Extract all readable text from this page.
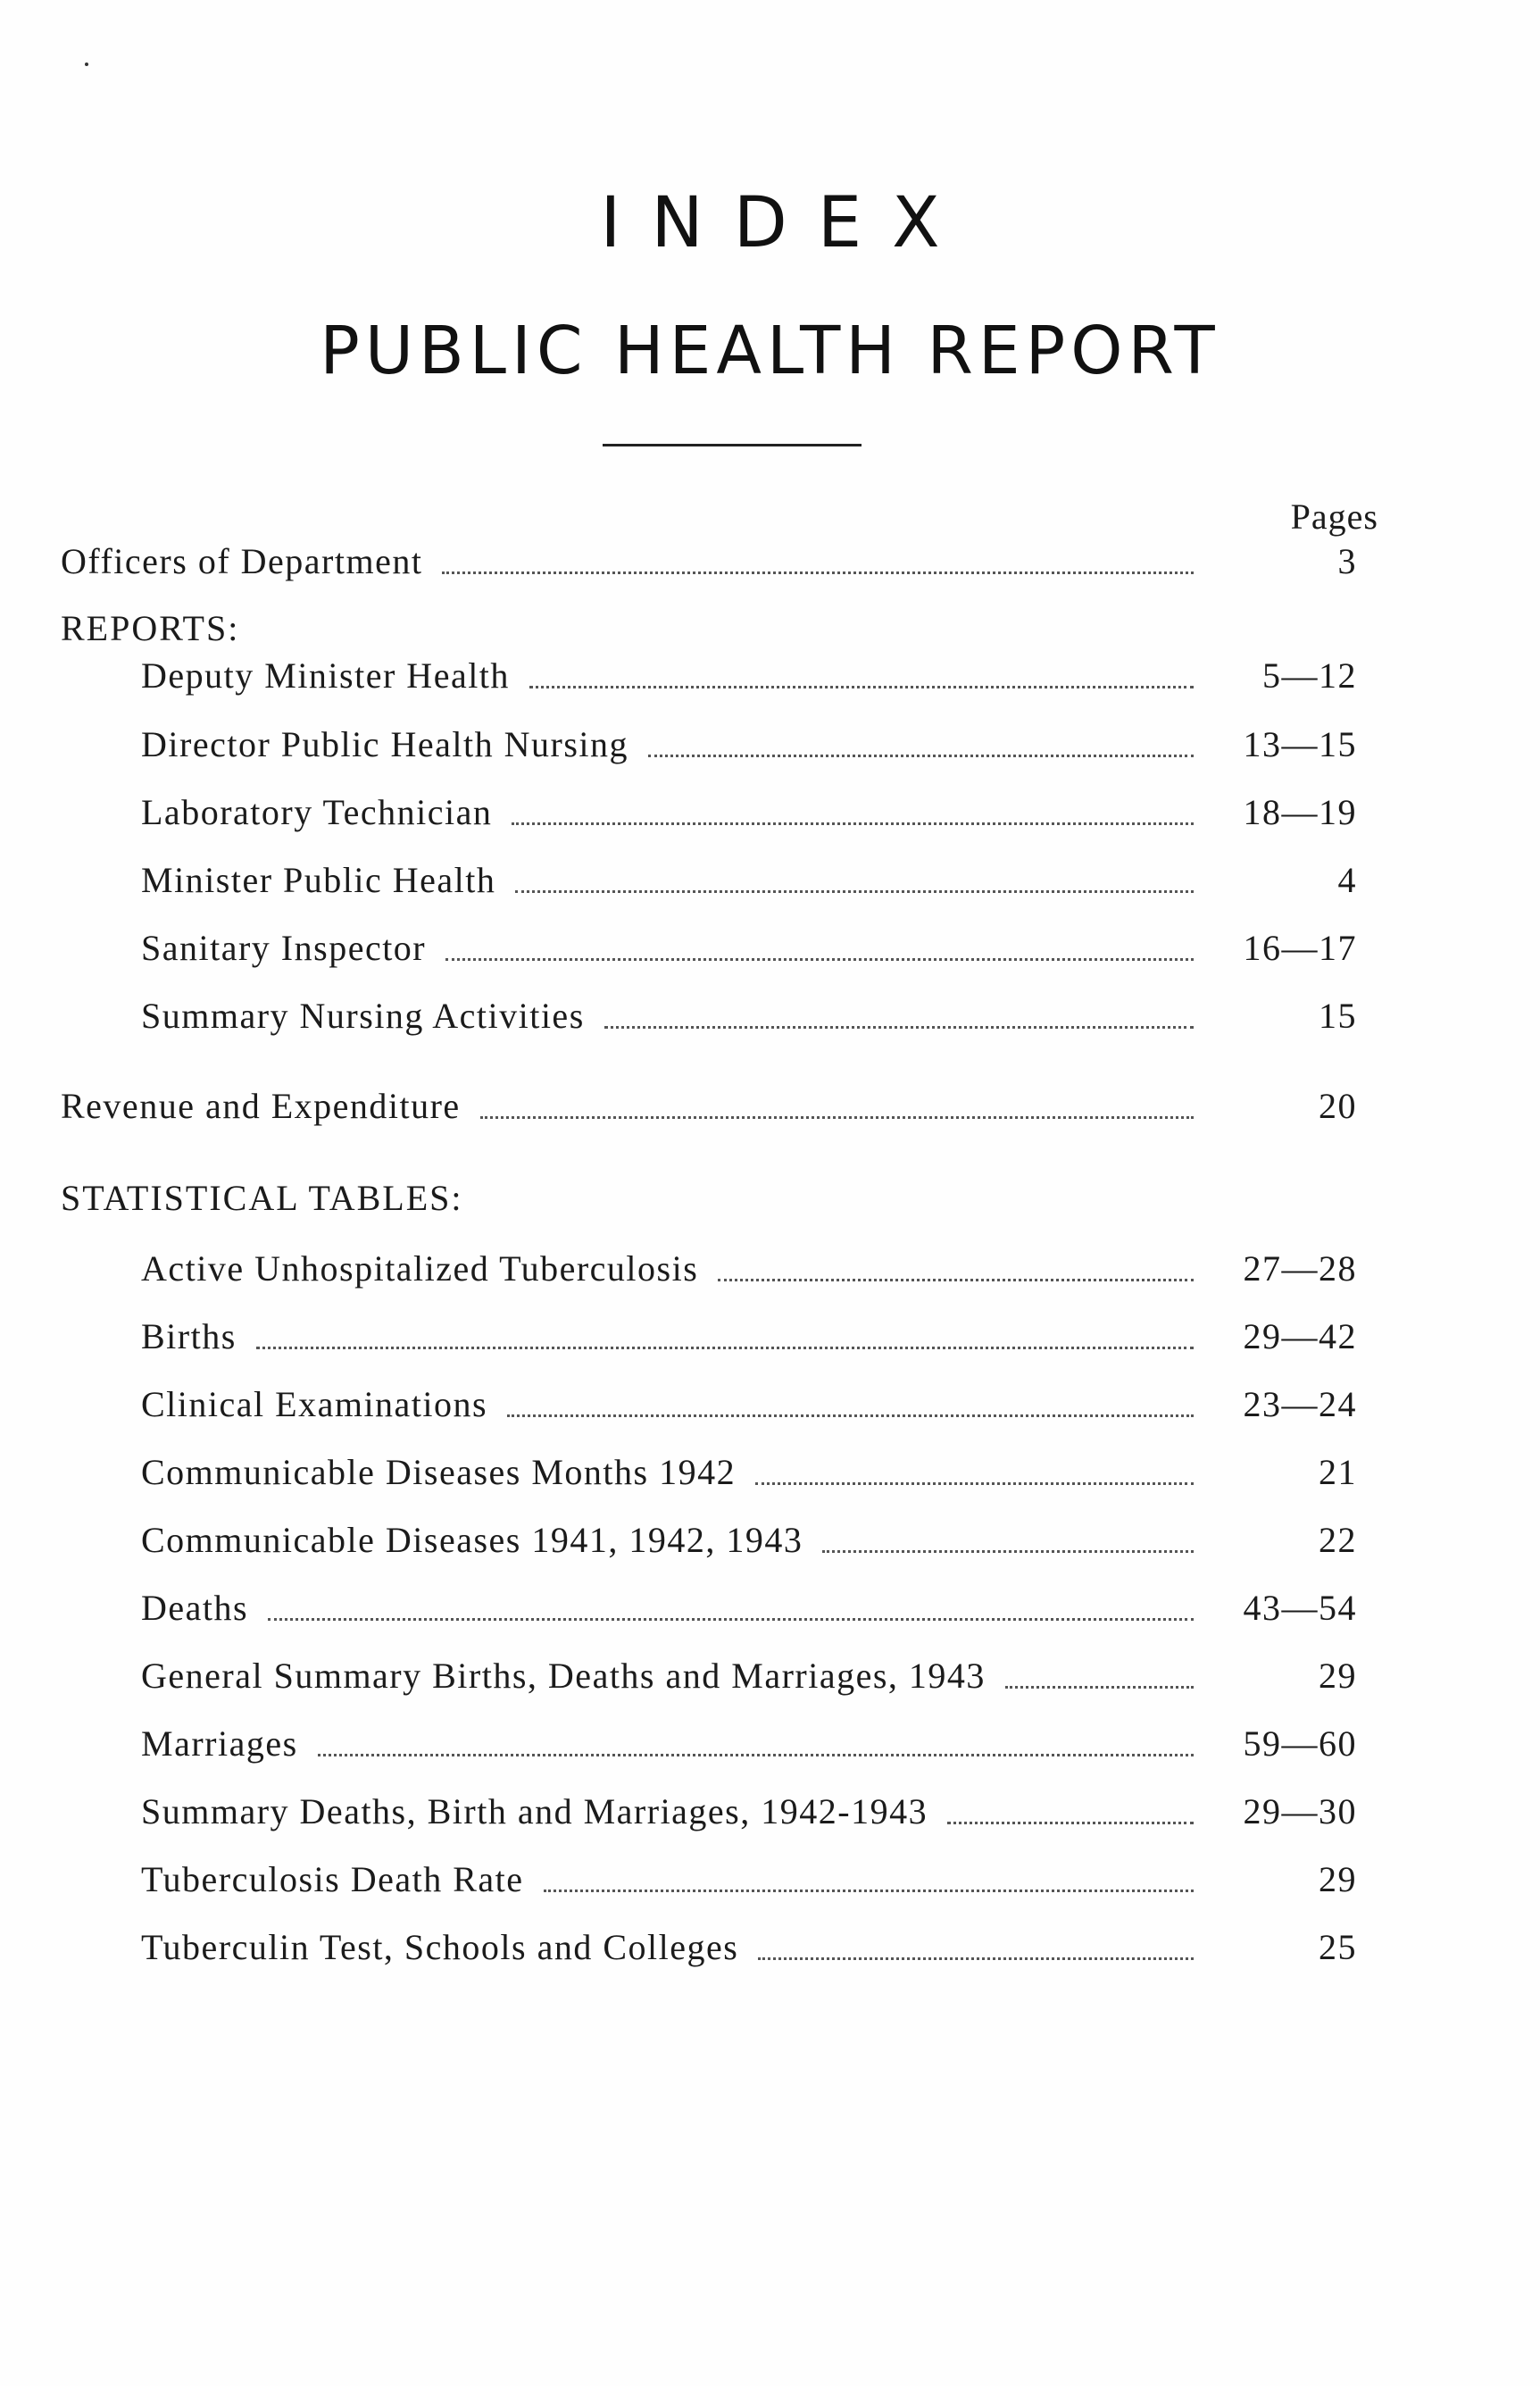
INDEX
PUBLIC HEALTH REPORT
Pages
Officers of Department	3
REPORTS:
Deputy Minister Health	5—12
Director Public Health Nursing	13—15
Laboratory Technician	18—19
Minister Public Health	4
Sanitary Inspector	16—17
Summary Nursing Activities	15
Revenue and Expenditure	20
STATISTICAL TABLES:
Active Unhospitalized Tuberculosis	27—28
Births	29—42
Clinical Examinations	23—24
Communicable Diseases Months 1942	21
Communicable Diseases 1941, 1942, 1943	22
Deaths	43—54
General Summary Births, Deaths and Marriages, 1943	29
Marriages	59—60
Summary Deaths, Birth and Marriages, 1942-1943	29—30
Tuberculosis Death Rate	29
Tuberculin Test, Schools and Colleges	25
